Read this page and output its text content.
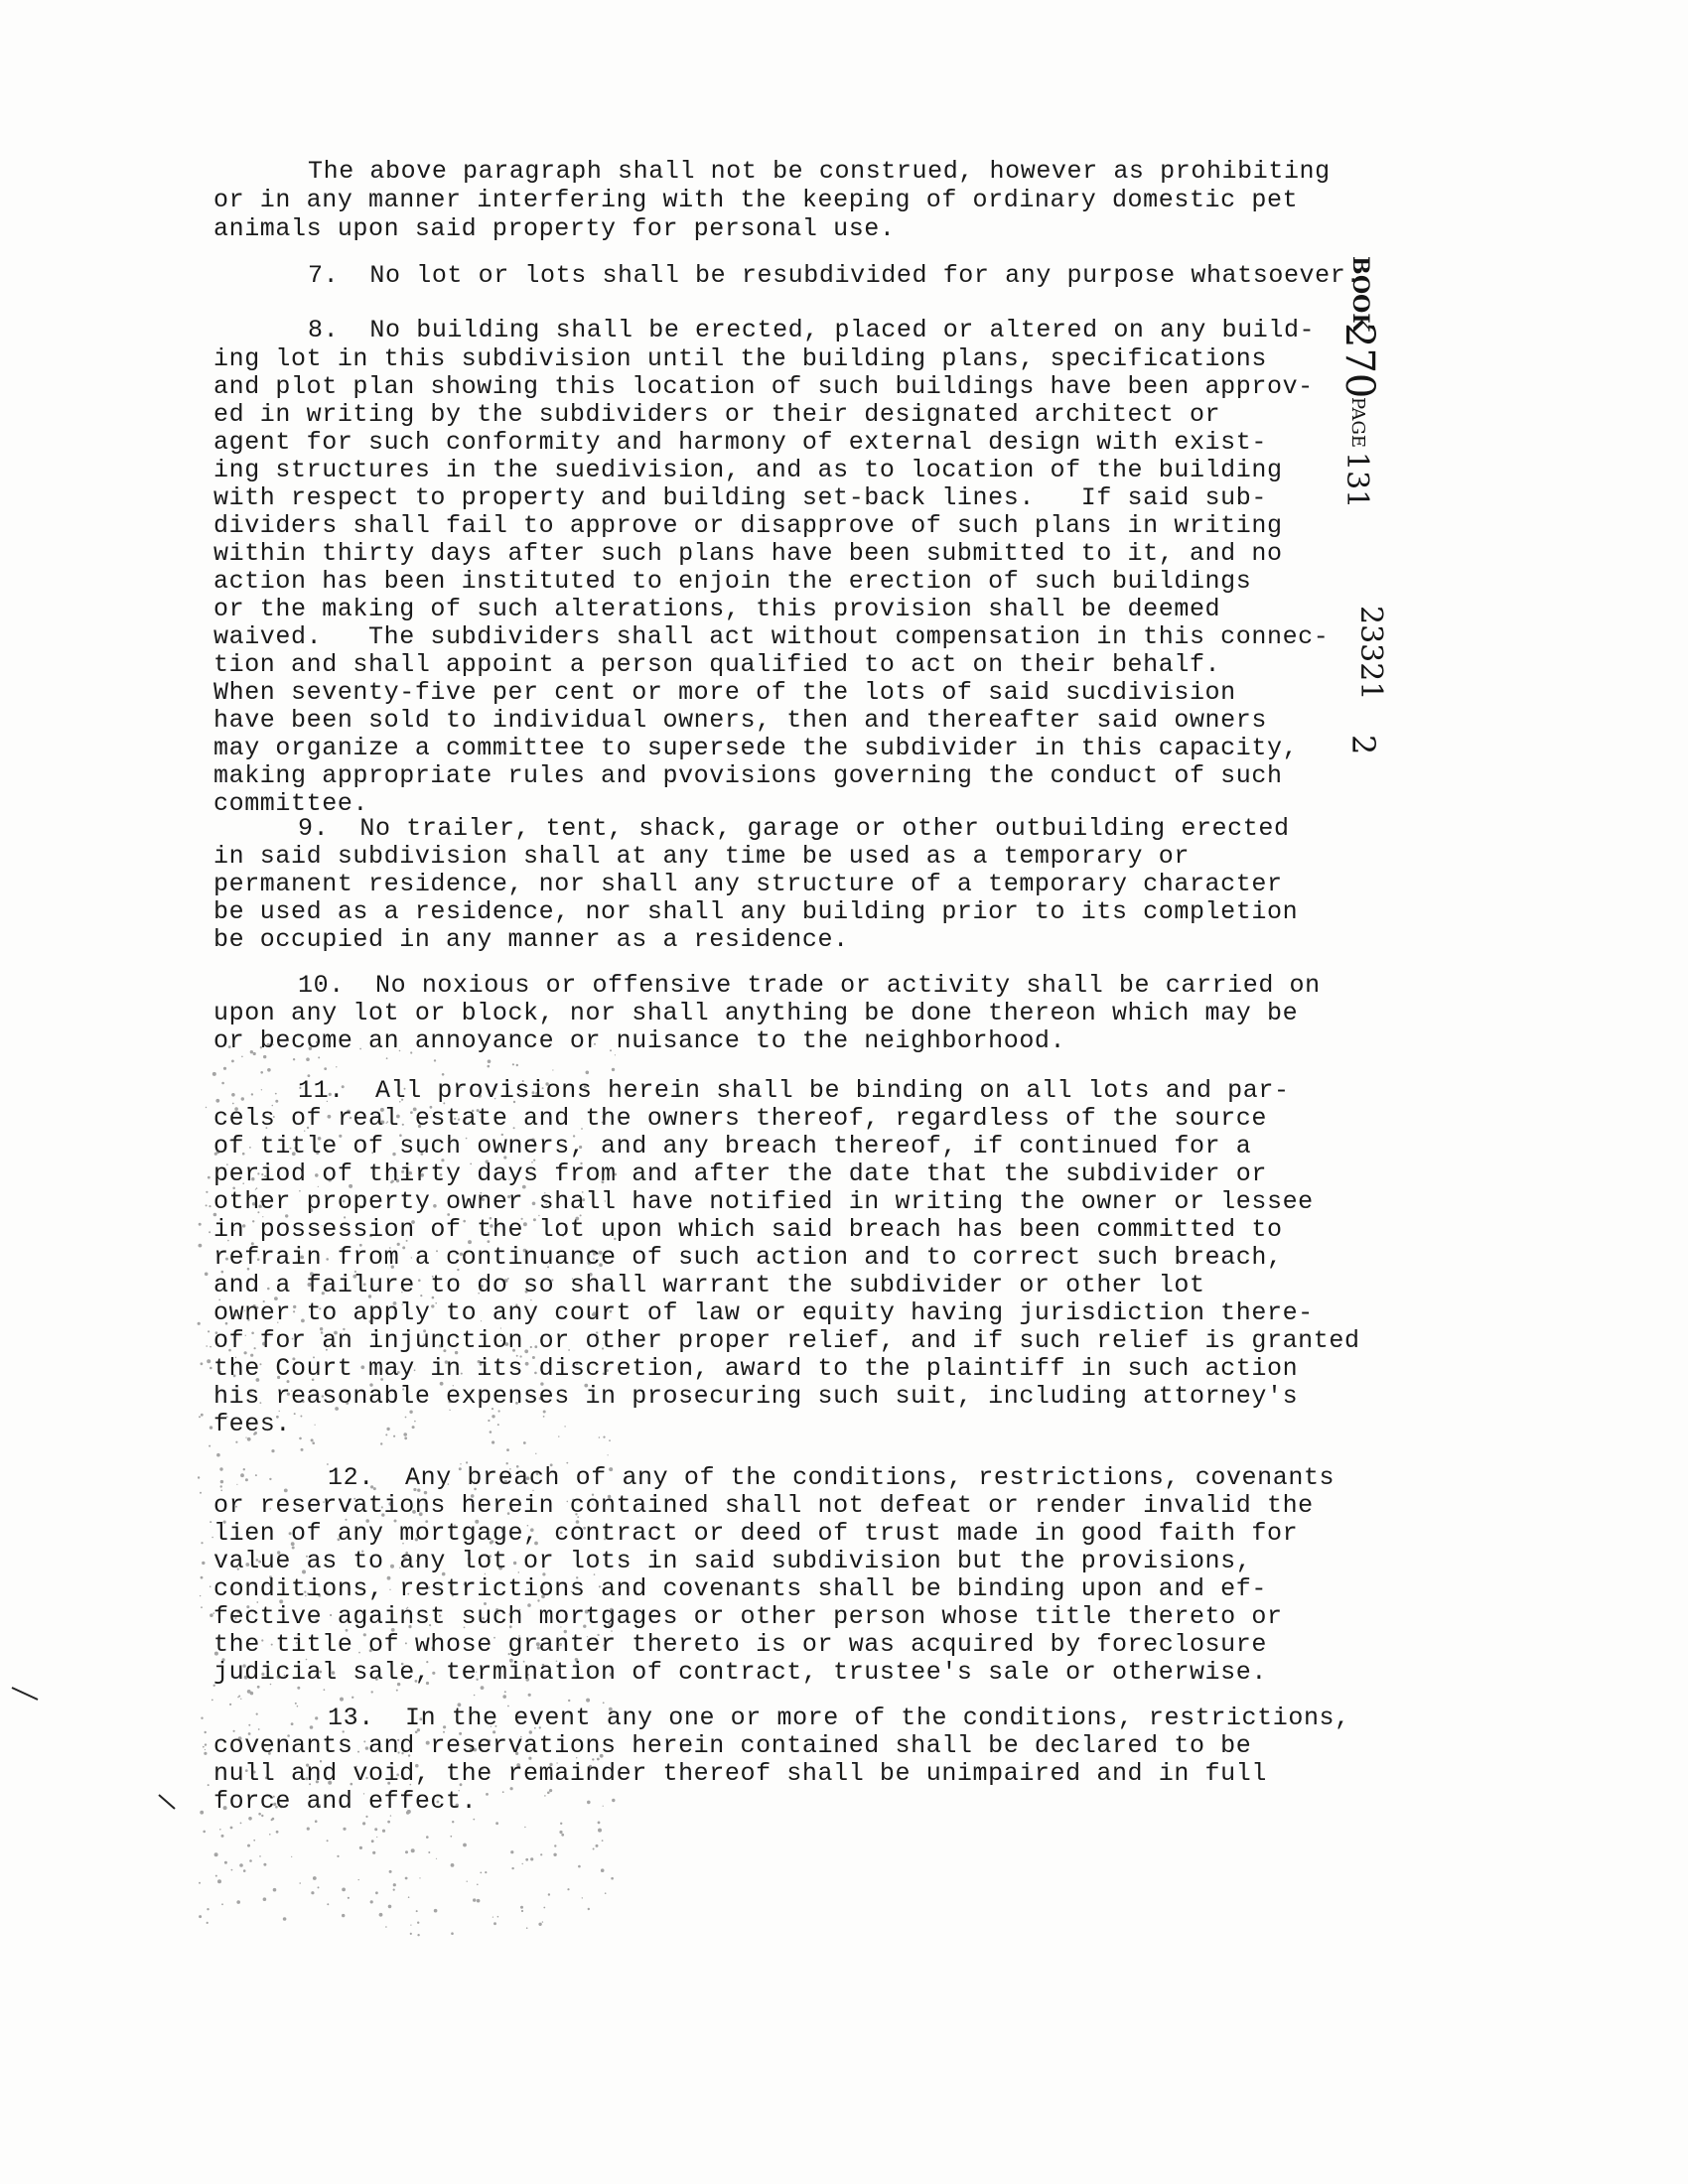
The above paragraph shall not be construed, however as prohibiting
or in any manner interfering with the keeping of ordinary domestic pet
animals upon said property for personal use.
7.  No lot or lots shall be resubdivided for any purpose whatsoever.
8.  No building shall be erected, placed or altered on any build-
ing lot in this subdivision until the building plans, specifications
and plot plan showing this location of such buildings have been approv-
ed in writing by the subdividers or their designated architect or
agent for such conformity and harmony of external design with exist-
ing structures in the suedivision, and as to location of the building
with respect to property and building set-back lines.   If said sub-
dividers shall fail to approve or disapprove of such plans in writing
within thirty days after such plans have been submitted to it, and no
action has been instituted to enjoin the erection of such buildings
or the making of such alterations, this provision shall be deemed
waived.   The subdividers shall act without compensation in this connec-
tion and shall appoint a person qualified to act on their behalf.
When seventy-five per cent or more of the lots of said sucdivision
have been sold to individual owners, then and thereafter said owners
may organize a committee to supersede the subdivider in this capacity,
making appropriate rules and pvovisions governing the conduct of such
committee.
9.  No trailer, tent, shack, garage or other outbuilding erected
in said subdivision shall at any time be used as a temporary or
permanent residence, nor shall any structure of a temporary character
be used as a residence, nor shall any building prior to its completion
be occupied in any manner as a residence.
10.  No noxious or offensive trade or activity shall be carried on
upon any lot or block, nor shall anything be done thereon which may be
or become an annoyance or nuisance to the neighborhood.
11.  All provisions herein shall be binding on all lots and par-
cels of real estate and the owners thereof, regardless of the source
of title of such owners, and any breach thereof, if continued for a
period of thirty days from and after the date that the subdivider or
other property owner shall have notified in writing the owner or lessee
in possession of the lot upon which said breach has been committed to
refrain from a continuance of such action and to correct such breach,
and a failure to do so shall warrant the subdivider or other lot
owner to apply to any court of law or equity having jurisdiction there-
of for an injunction or other proper relief, and if such relief is granted
the Court may in its discretion, award to the plaintiff in such action
his reasonable expenses in prosecuring such suit, including attorney's
fees.
12.  Any breach of any of the conditions, restrictions, covenants
or reservations herein contained shall not defeat or render invalid the
lien of any mortgage, contract or deed of trust made in good faith for
value as to any lot or lots in said subdivision but the provisions,
conditions, restrictions and covenants shall be binding upon and ef-
fective against such mortgages or other person whose title thereto or
the title of whose granter thereto is or was acquired by foreclosure
judicial sale, termination of contract, trustee's sale or otherwise.
13.  In the event any one or more of the conditions, restrictions,
covenants and reservations herein contained shall be declared to be
null and void, the remainder thereof shall be unimpaired and in full
force and effect.
BOOK
270
PAGE
131
23321
2
